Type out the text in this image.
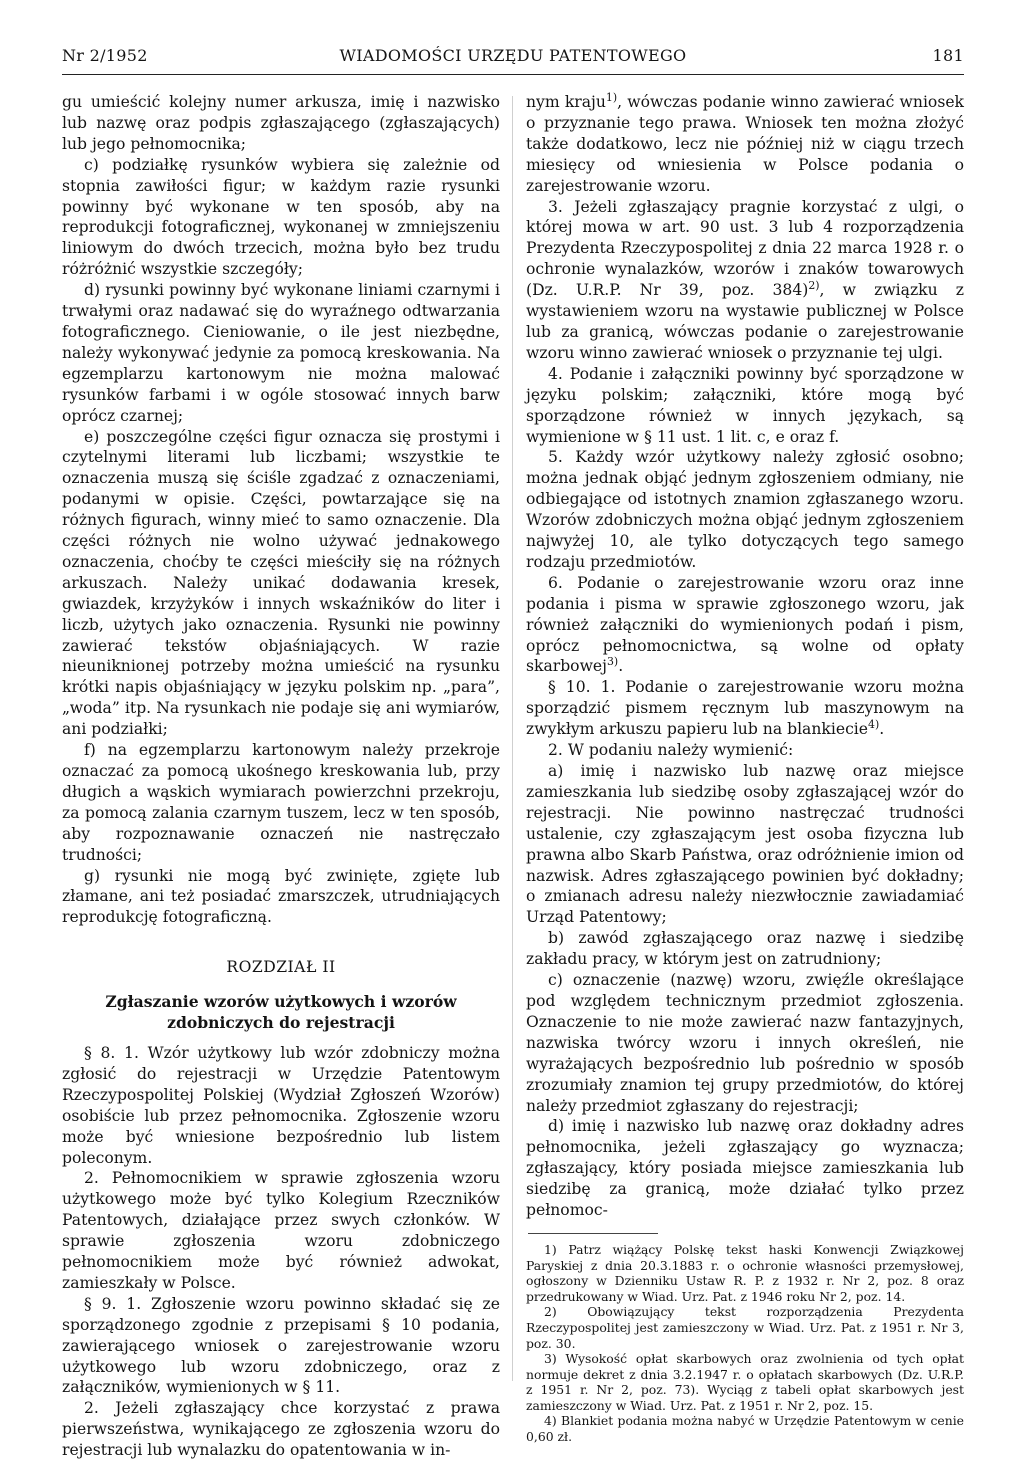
Nr 2/1952	WIADOMOŚCI URZĘDU PATENTOWEGO	181

gu umieścić kolejny numer arkusza, imię i nazwisko lub nazwę oraz podpis zgłaszającego (zgłaszających) lub jego pełnomocnika;

c) podziałkę rysunków wybiera się zależnie od stopnia zawiłości figur; w każdym razie rysunki powinny być wykonane w ten sposób, aby na reprodukcji fotograficznej, wykonanej w zmniejszeniu liniowym do dwóch trzecich, można było bez trudu różróżnić wszystkie szczegóły;

d) rysunki powinny być wykonane liniami czarnymi i trwałymi oraz nadawać się do wyraźnego odtwarzania fotograficznego. Cieniowanie, o ile jest niezbędne, należy wykonywać jedynie za pomocą kreskowania. Na egzemplarzu kartonowym nie można malować rysunków farbami i w ogóle stosować innych barw oprócz czarnej;

e) poszczególne części figur oznacza się prostymi i czytelnymi literami lub liczbami; wszystkie te oznaczenia muszą się ściśle zgadzać z oznaczeniami, podanymi w opisie. Części, powtarzające się na różnych figurach, winny mieć to samo oznaczenie. Dla części różnych nie wolno używać jednakowego oznaczenia, choćby te części mieściły się na różnych arkuszach. Należy unikać dodawania kresek, gwiazdek, krzyżyków i innych wskaźników do liter i liczb, użytych jako oznaczenia. Rysunki nie powinny zawierać tekstów objaśniających. W razie nieuniknionej potrzeby można umieścić na rysunku krótki napis objaśniający w języku polskim np. „para”, „woda” itp. Na rysunkach nie podaje się ani wymiarów, ani podziałki;

f) na egzemplarzu kartonowym należy przekroje oznaczać za pomocą ukośnego kreskowania lub, przy długich a wąskich wymiarach powierzchni przekroju, za pomocą zalania czarnym tuszem, lecz w ten sposób, aby rozpoznawanie oznaczeń nie nastręczało trudności;

g) rysunki nie mogą być zwinięte, zgięte lub złamane, ani też posiadać zmarszczek, utrudniających reprodukcję fotograficzną.

ROZDZIAŁ II

Zgłaszanie wzorów użytkowych i wzorów zdobniczych do rejestracji

§ 8. 1. Wzór użytkowy lub wzór zdobniczy można zgłosić do rejestracji w Urzędzie Patentowym Rzeczypospolitej Polskiej (Wydział Zgłoszeń Wzorów) osobiście lub przez pełnomocnika. Zgłoszenie wzoru może być wniesione bezpośrednio lub listem poleconym.

2. Pełnomocnikiem w sprawie zgłoszenia wzoru użytkowego może być tylko Kolegium Rzeczników Patentowych, działające przez swych członków. W sprawie zgłoszenia wzoru zdobniczego pełnomocnikiem może być również adwokat, zamieszkały w Polsce.

§ 9. 1. Zgłoszenie wzoru powinno składać się ze sporządzonego zgodnie z przepisami § 10 podania, zawierającego wniosek o zarejestrowanie wzoru użytkowego lub wzoru zdobniczego, oraz z załączników, wymienionych w § 11.

2. Jeżeli zgłaszający chce korzystać z prawa pierwszeństwa, wynikającego ze zgłoszenia wzoru do rejestracji lub wynalazku do opatentowania w in-

nym kraju$^{1)}$, wówczas podanie winno zawierać wniosek o przyznanie tego prawa. Wniosek ten można złożyć także dodatkowo, lecz nie później niż w ciągu trzech miesięcy od wniesienia w Polsce podania o zarejestrowanie wzoru.

3. Jeżeli zgłaszający pragnie korzystać z ulgi, o której mowa w art. 90 ust. 3 lub 4 rozporządzenia Prezydenta Rzeczypospolitej z dnia 22 marca 1928 r. o ochronie wynalazków, wzorów i znaków towarowych (Dz. U.R.P. Nr 39, poz. 384)$^{2)}$, w związku z wystawieniem wzoru na wystawie publicznej w Polsce lub za granicą, wówczas podanie o zarejestrowanie wzoru winno zawierać wniosek o przyznanie tej ulgi.

4. Podanie i załączniki powinny być sporządzone w języku polskim; załączniki, które mogą być sporządzone również w innych językach, są wymienione w § 11 ust. 1 lit. c, e oraz f.

5. Każdy wzór użytkowy należy zgłosić osobno; można jednak objąć jednym zgłoszeniem odmiany, nie odbiegające od istotnych znamion zgłaszanego wzoru. Wzorów zdobniczych można objąć jednym zgłoszeniem najwyżej 10, ale tylko dotyczących tego samego rodzaju przedmiotów.

6. Podanie o zarejestrowanie wzoru oraz inne podania i pisma w sprawie zgłoszonego wzoru, jak również załączniki do wymienionych podań i pism, oprócz pełnomocnictwa, są wolne od opłaty skarbowej$^{3)}$.

§ 10. 1. Podanie o zarejestrowanie wzoru można sporządzić pismem ręcznym lub maszynowym na zwykłym arkuszu papieru lub na blankiecie$^{4)}$.

2. W podaniu należy wymienić:

a) imię i nazwisko lub nazwę oraz miejsce zamieszkania lub siedzibę osoby zgłaszającej wzór do rejestracji. Nie powinno nastręczać trudności ustalenie, czy zgłaszającym jest osoba fizyczna lub prawna albo Skarb Państwa, oraz odróżnienie imion od nazwisk. Adres zgłaszającego powinien być dokładny; o zmianach adresu należy niezwłocznie zawiadamiać Urząd Patentowy;

b) zawód zgłaszającego oraz nazwę i siedzibę zakładu pracy, w którym jest on zatrudniony;

c) oznaczenie (nazwę) wzoru, zwięźle określające pod względem technicznym przedmiot zgłoszenia. Oznaczenie to nie może zawierać nazw fantazyjnych, nazwiska twórcy wzoru i innych określeń, nie wyrażających bezpośrednio lub pośrednio w sposób zrozumiały znamion tej grupy przedmiotów, do której należy przedmiot zgłaszany do rejestracji;

d) imię i nazwisko lub nazwę oraz dokładny adres pełnomocnika, jeżeli zgłaszający go wyznacza; zgłaszający, który posiada miejsce zamieszkania lub siedzibę za granicą, może działać tylko przez pełnomoc-

1) Patrz wiążący Polskę tekst haski Konwencji Związkowej Paryskiej z dnia 20.3.1883 r. o ochronie własności przemysłowej, ogłoszony w Dzienniku Ustaw R. P. z 1932 r. Nr 2, poz. 8 oraz przedrukowany w Wiad. Urz. Pat. z 1946 roku Nr 2, poz. 14.

2) Obowiązujący tekst rozporządzenia Prezydenta Rzeczypospolitej jest zamieszczony w Wiad. Urz. Pat. z 1951 r. Nr 3, poz. 30.

3) Wysokość opłat skarbowych oraz zwolnienia od tych opłat normuje dekret z dnia 3.2.1947 r. o opłatach skarbowych (Dz. U.R.P. z 1951 r. Nr 2, poz. 73). Wyciąg z tabeli opłat skarbowych jest zamieszczony w Wiad. Urz. Pat. z 1951 r. Nr 2, poz. 15.

4) Blankiet podania można nabyć w Urzędzie Patentowym w cenie 0,60 zł.
